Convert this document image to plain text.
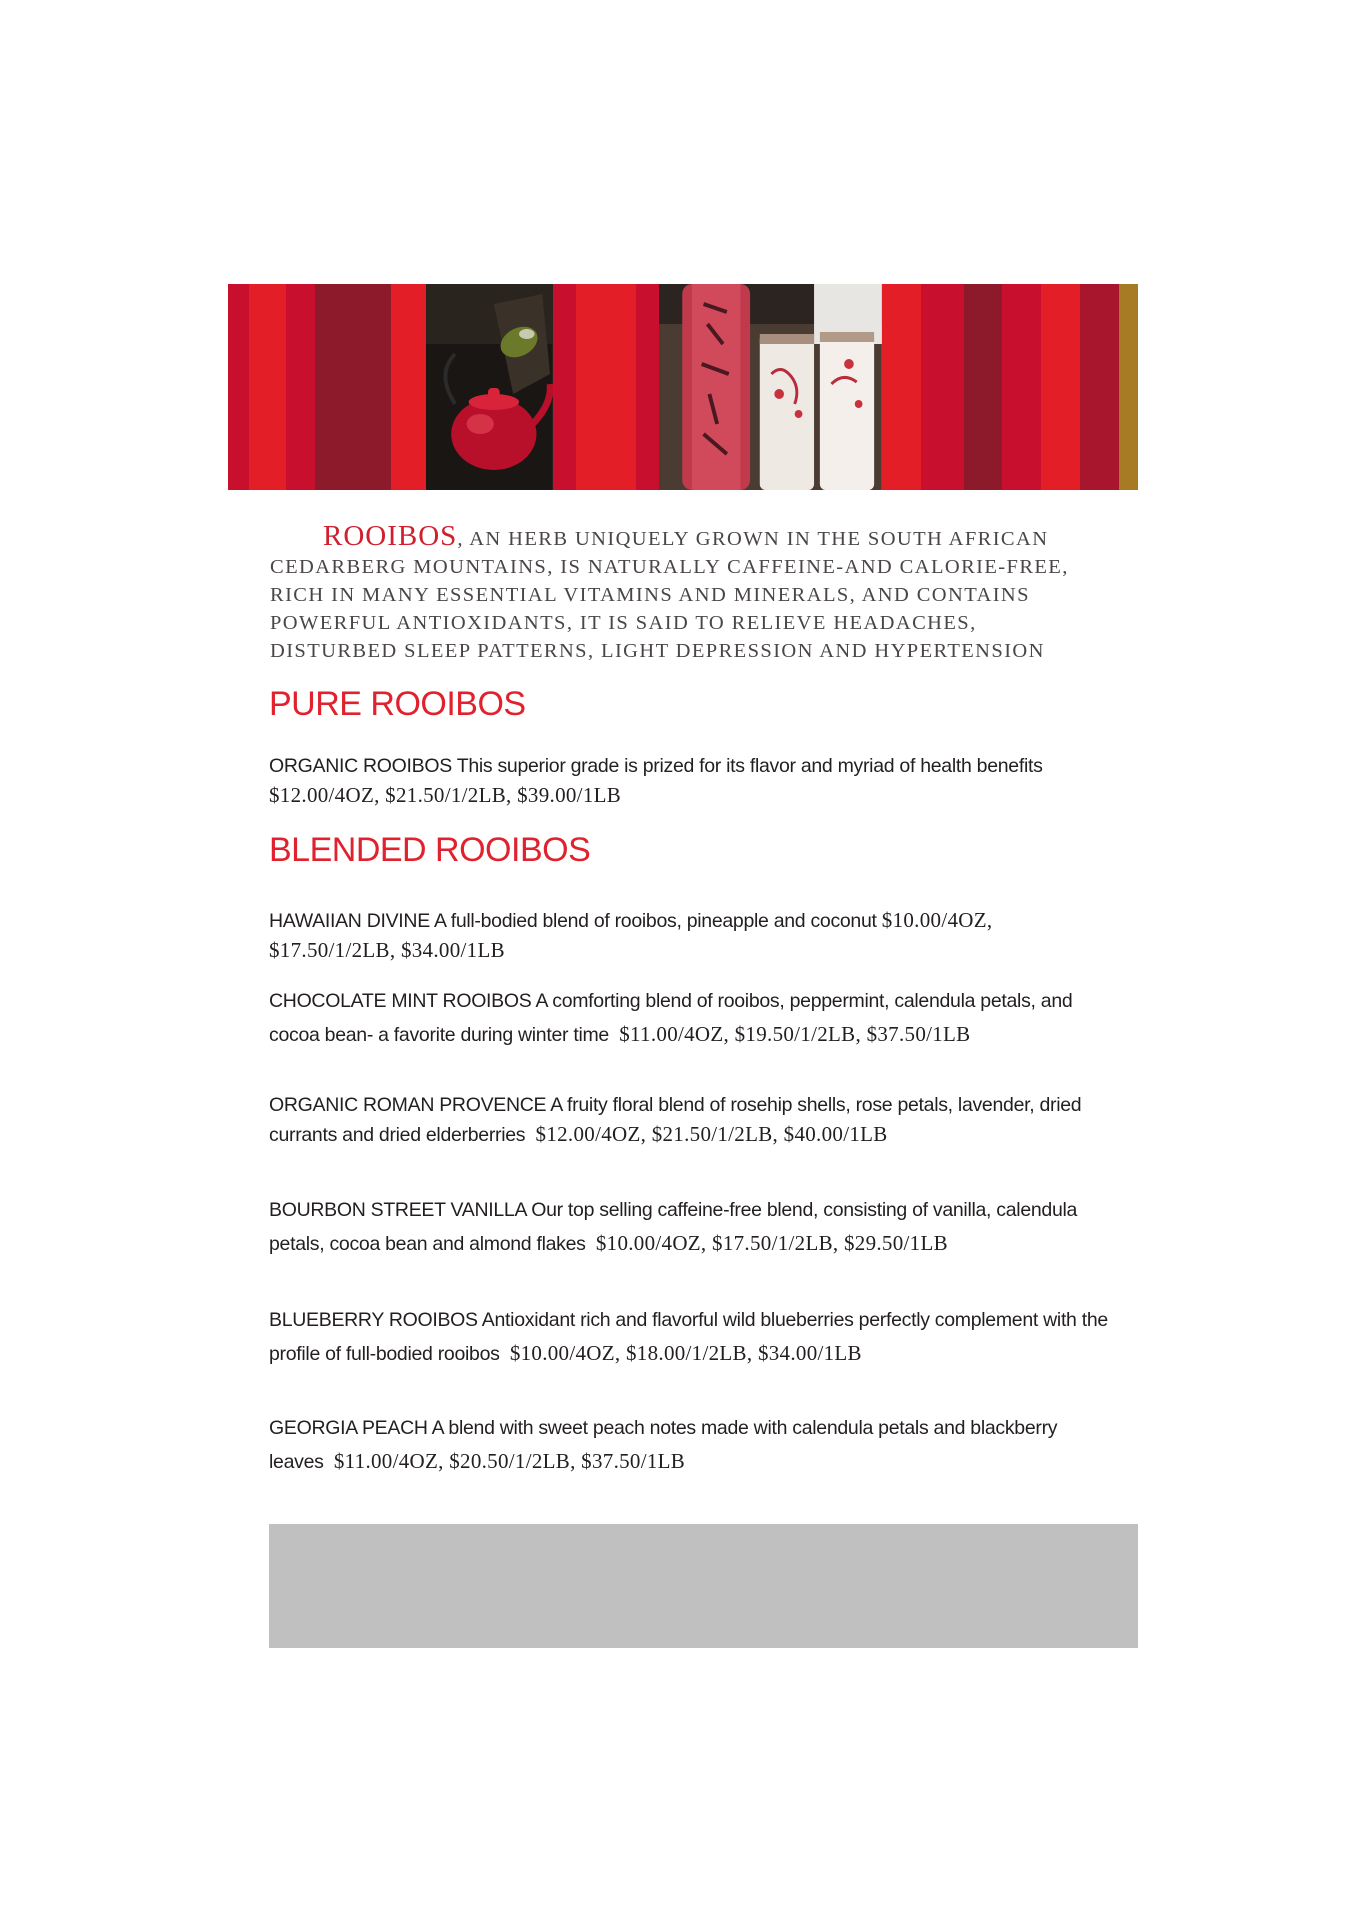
ROOIBOS, AN HERB UNIQUELY GROWN IN THE SOUTH AFRICAN CEDARBERG MOUNTAINS, IS NATURALLY CAFFEINE-AND CALORIE-FREE, RICH IN MANY ESSENTIAL VITAMINS AND MINERALS, AND CONTAINS POWERFUL ANTIOXIDANTS, IT IS SAID TO RELIEVE HEADACHES, DISTURBED SLEEP PATTERNS, LIGHT DEPRESSION AND HYPERTENSION

PURE ROOIBOS

ORGANIC ROOIBOS This superior grade is prized for its flavor and myriad of health benefits  $12.00/4OZ, $21.50/1/2LB, $39.00/1LB

BLENDED ROOIBOS

HAWAIIAN DIVINE A full-bodied blend of rooibos, pineapple and coconut $10.00/4OZ, $17.50/1/2LB, $34.00/1LB

CHOCOLATE MINT ROOIBOS A comforting blend of rooibos, peppermint, calendula petals, and cocoa bean- a favorite during winter time $11.00/4OZ, $19.50/1/2LB, $37.50/1LB

ORGANIC ROMAN PROVENCE A fruity floral blend of rosehip shells, rose petals, lavender, dried currants and dried elderberries $12.00/4OZ, $21.50/1/2LB, $40.00/1LB

BOURBON STREET VANILLA Our top selling caffeine-free blend, consisting of vanilla, calendula petals, cocoa bean and almond flakes $10.00/4OZ, $17.50/1/2LB, $29.50/1LB

BLUEBERRY ROOIBOS Antioxidant rich and flavorful wild blueberries perfectly complement with the profile of full-bodied rooibos $10.00/4OZ, $18.00/1/2LB, $34.00/1LB

GEORGIA PEACH A blend with sweet peach notes made with calendula petals and blackberry leaves $11.00/4OZ, $20.50/1/2LB, $37.50/1LB
